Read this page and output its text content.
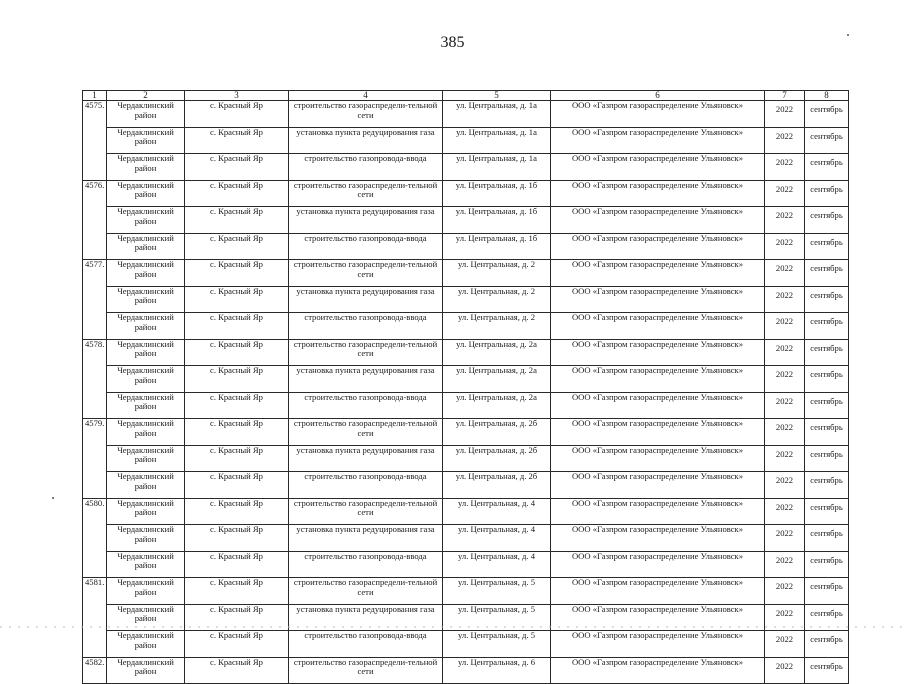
385
1	2	3	4	5	6	7	8
4575.	Чердаклинский район	с. Красный Яр	строительство газораспредели-тельной сети	ул. Центральная, д. 1а	ООО «Газпром газораспределение Ульяновск»	2022	сентябрь
	Чердаклинский район	с. Красный Яр	установка пункта редуцирования газа	ул. Центральная, д. 1а	ООО «Газпром газораспределение Ульяновск»	2022	сентябрь
	Чердаклинский район	с. Красный Яр	строительство газопровода-ввода	ул. Центральная, д. 1а	ООО «Газпром газораспределение Ульяновск»	2022	сентябрь
4576.	Чердаклинский район	с. Красный Яр	строительство газораспредели-тельной сети	ул. Центральная, д. 1б	ООО «Газпром газораспределение Ульяновск»	2022	сентябрь
	Чердаклинский район	с. Красный Яр	установка пункта редуцирования газа	ул. Центральная, д. 1б	ООО «Газпром газораспределение Ульяновск»	2022	сентябрь
	Чердаклинский район	с. Красный Яр	строительство газопровода-ввода	ул. Центральная, д. 1б	ООО «Газпром газораспределение Ульяновск»	2022	сентябрь
4577.	Чердаклинский район	с. Красный Яр	строительство газораспредели-тельной сети	ул. Центральная, д. 2	ООО «Газпром газораспределение Ульяновск»	2022	сентябрь
	Чердаклинский район	с. Красный Яр	установка пункта редуцирования газа	ул. Центральная, д. 2	ООО «Газпром газораспределение Ульяновск»	2022	сентябрь
	Чердаклинский район	с. Красный Яр	строительство газопровода-ввода	ул. Центральная, д. 2	ООО «Газпром газораспределение Ульяновск»	2022	сентябрь
4578.	Чердаклинский район	с. Красный Яр	строительство газораспредели-тельной сети	ул. Центральная, д. 2а	ООО «Газпром газораспределение Ульяновск»	2022	сентябрь
	Чердаклинский район	с. Красный Яр	установка пункта редуцирования газа	ул. Центральная, д. 2а	ООО «Газпром газораспределение Ульяновск»	2022	сентябрь
	Чердаклинский район	с. Красный Яр	строительство газопровода-ввода	ул. Центральная, д. 2а	ООО «Газпром газораспределение Ульяновск»	2022	сентябрь
4579.	Чердаклинский район	с. Красный Яр	строительство газораспредели-тельной сети	ул. Центральная, д. 2б	ООО «Газпром газораспределение Ульяновск»	2022	сентябрь
	Чердаклинский район	с. Красный Яр	установка пункта редуцирования газа	ул. Центральная, д. 2б	ООО «Газпром газораспределение Ульяновск»	2022	сентябрь
	Чердаклинский район	с. Красный Яр	строительство газопровода-ввода	ул. Центральная, д. 2б	ООО «Газпром газораспределение Ульяновск»	2022	сентябрь
4580.	Чердаклинский район	с. Красный Яр	строительство газораспредели-тельной сети	ул. Центральная, д. 4	ООО «Газпром газораспределение Ульяновск»	2022	сентябрь
	Чердаклинский район	с. Красный Яр	установка пункта редуцирования газа	ул. Центральная, д. 4	ООО «Газпром газораспределение Ульяновск»	2022	сентябрь
	Чердаклинский район	с. Красный Яр	строительство газопровода-ввода	ул. Центральная, д. 4	ООО «Газпром газораспределение Ульяновск»	2022	сентябрь
4581.	Чердаклинский район	с. Красный Яр	строительство газораспредели-тельной сети	ул. Центральная, д. 5	ООО «Газпром газораспределение Ульяновск»	2022	сентябрь
	Чердаклинский район	с. Красный Яр	установка пункта редуцирования газа	ул. Центральная, д. 5	ООО «Газпром газораспределение Ульяновск»	2022	сентябрь
	Чердаклинский район	с. Красный Яр	строительство газопровода-ввода	ул. Центральная, д. 5	ООО «Газпром газораспределение Ульяновск»	2022	сентябрь
4582.	Чердаклинский район	с. Красный Яр	строительство газораспредели-тельной сети	ул. Центральная, д. 6	ООО «Газпром газораспределение Ульяновск»	2022	сентябрь
